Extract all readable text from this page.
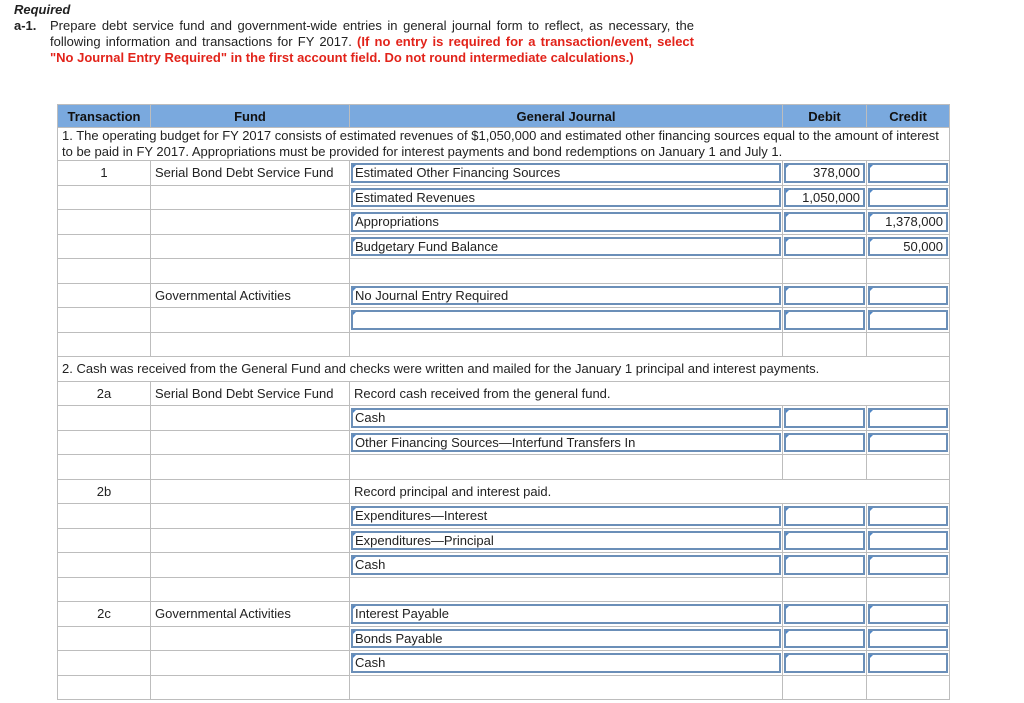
Required
a-1. Prepare debt service fund and government-wide entries in general journal form to reflect, as necessary, the following information and transactions for FY 2017. (If no entry is required for a transaction/event, select "No Journal Entry Required" in the first account field. Do not round intermediate calculations.)
Transaction	Fund	General Journal	Debit	Credit
1. The operating budget for FY 2017 consists of estimated revenues of $1,050,000 and estimated other financing sources equal to the amount of interest to be paid in FY 2017. Appropriations must be provided for interest payments and bond redemptions on January 1 and July 1.				
1	Serial Bond Debt Service Fund	Estimated Other Financing Sources	378,000	

		Estimated Revenues	1,050,000	

		Appropriations		1,378,000

		Budgetary Fund Balance		50,000

	Governmental Activities	No Journal Entry Required		

2. Cash was received from the General Fund and checks were written and mailed for the January 1 principal and interest payments.				
2a	Serial Bond Debt Service Fund	Record cash received from the general fund.		

		Cash		

		Other Financing Sources—Interfund Transfers In		

2b		Record principal and interest paid.		

		Expenditures—Interest		

		Expenditures—Principal		

		Cash		

2c	Governmental Activities	Interest Payable		

		Bonds Payable		

		Cash		
